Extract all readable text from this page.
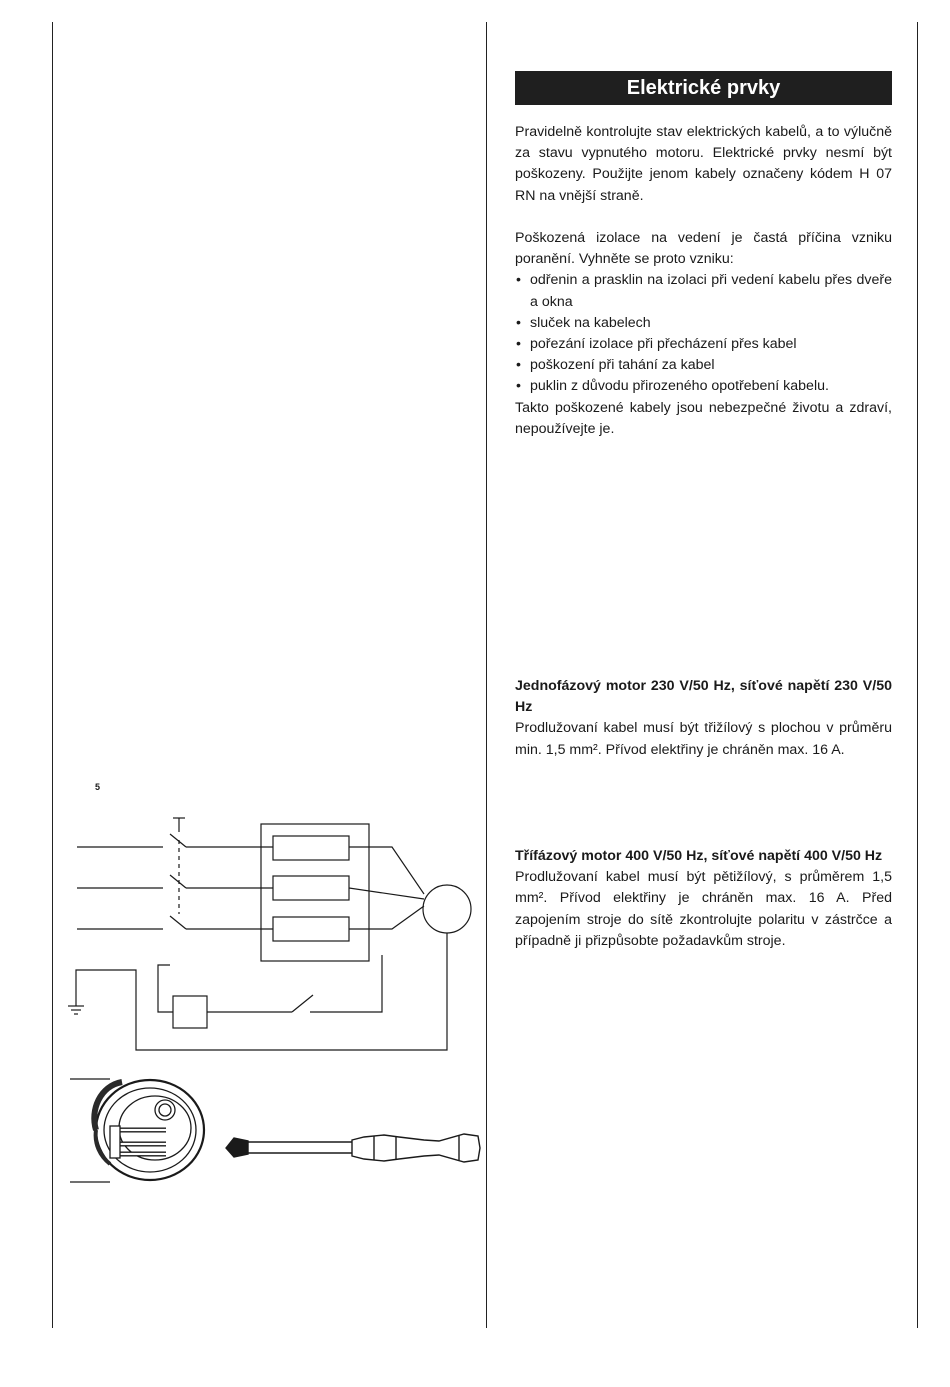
Elektrické prvky

Pravidelně kontrolujte stav elektrických kabelů, a to výlučně za stavu vypnutého motoru. Elektrické prvky nesmí být poškozeny. Použijte jenom kabely označeny kódem H 07 RN na vnější straně.

Poškozená izolace na vedení je častá příčina vzniku poranění. Vyhněte se proto vzniku:

• odřenin a prasklin na izolaci při vedení kabelu přes dveře a okna
• sluček na kabelech
• pořezání izolace při přecházení přes kabel
• poškození při tahání za kabel
• puklin z důvodu přirozeného opotřebení kabelu.

Takto poškozené kabely jsou nebezpečné životu a zdraví, nepoužívejte je.

Jednofázový motor 230 V/50 Hz, síťové napětí 230 V/50 Hz

Prodlužovaní kabel musí být třižílový s plochou v průměru min. 1,5 mm². Přívod elektřiny je chráněn max. 16 A.

Třífázový motor 400 V/50 Hz, síťové napětí 400 V/50 Hz

Prodlužovaní kabel musí být pětižílový, s průměrem 1,5 mm². Přívod elektřiny je chráněn max. 16 A. Před zapojením stroje do sítě zkontrolujte polaritu v zástrčce a případně ji přizpůsobte požadavkům stroje.

5
